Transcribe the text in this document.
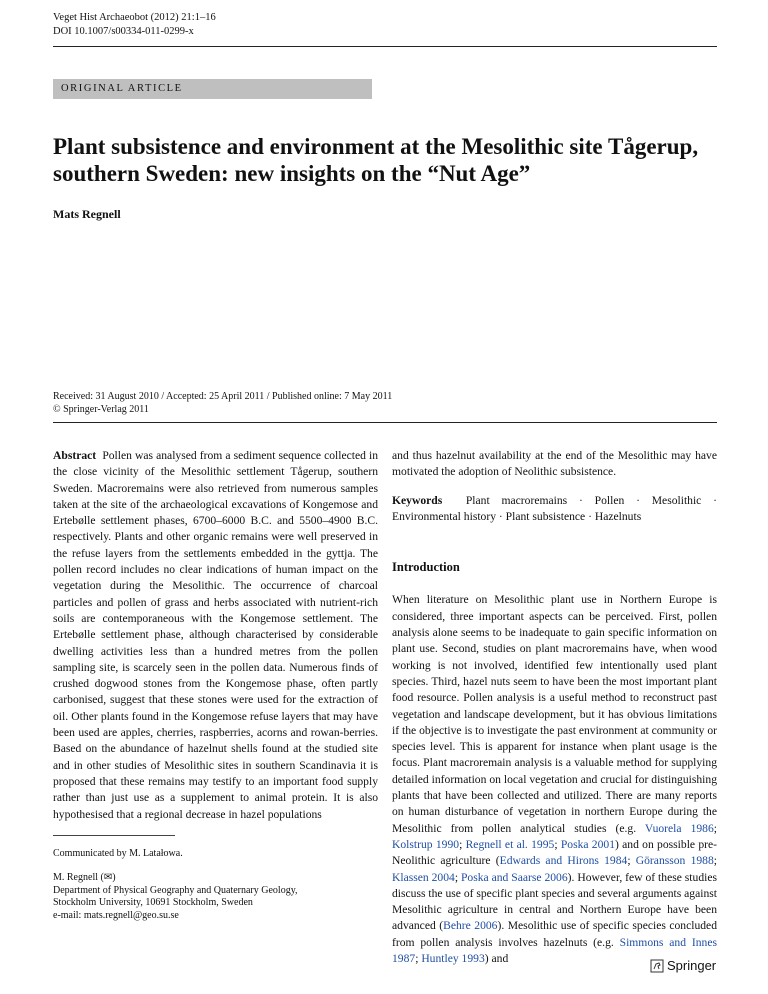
Veget Hist Archaeobot (2012) 21:1–16
DOI 10.1007/s00334-011-0299-x
ORIGINAL ARTICLE
Plant subsistence and environment at the Mesolithic site Tågerup,
southern Sweden: new insights on the “Nut Age”
Mats Regnell
Received: 31 August 2010 / Accepted: 25 April 2011 / Published online: 7 May 2011
© Springer-Verlag 2011

Abstract Pollen was analysed from a sediment sequence collected in the close vicinity of the Mesolithic settlement Tågerup, southern Sweden. Macroremains were also retrieved from numerous samples taken at the site of the archaeological excavations of Kongemose and Ertebølle settlement phases, 6700–6000 B.C. and 5500–4900 B.C. respectively. Plants and other organic remains were well preserved in the refuse layers from the settlements embedded in the gyttja. The pollen record includes no clear indications of human impact on the vegetation during the Mesolithic. The occurrence of charcoal particles and pollen of grass and herbs associated with nutrient-rich soils are contemporaneous with the Kongemose settlement. The Ertebølle settlement phase, although characterised by considerable dwelling activities less than a hundred metres from the pollen sampling site, is scarcely seen in the pollen data. Numerous finds of crushed dogwood stones from the Kongemose phase, often partly carbonised, suggest that these stones were used for the extraction of oil. Other plants found in the Kongemose refuse layers that may have been used are apples, cherries, raspberries, acorns and rowan-berries. Based on the abundance of hazelnut shells found at the studied site and in other studies of Mesolithic sites in southern Scandinavia it is proposed that these remains may testify to an important food supply rather than just use as a supplement to animal protein. It is also hypothesised that a regional decrease in hazel populations

Communicated by M. Latałowa.
M. Regnell (✉)
Department of Physical Geography and Quaternary Geology,
Stockholm University, 10691 Stockholm, Sweden
e-mail: mats.regnell@geo.su.se

and thus hazelnut availability at the end of the Mesolithic may have motivated the adoption of Neolithic subsistence.

Keywords Plant macroremains · Pollen · Mesolithic · Environmental history · Plant subsistence · Hazelnuts

Introduction

When literature on Mesolithic plant use in Northern Europe is considered, three important aspects can be perceived. First, pollen analysis alone seems to be inadequate to gain specific information on plant use. Second, studies on plant macroremains have, when wood working is not involved, identified few intentionally used plant species. Third, hazel nuts seem to have been the most important plant food resource. Pollen analysis is a useful method to reconstruct past vegetation and landscape development, but it has obvious limitations if the objective is to investigate the past environment at community or species level. This is apparent for instance when plant usage is the focus. Plant macroremain analysis is a valuable method for supplying detailed information on local vegetation and crucial for distinguishing plants that have been collected and utilized. There are many reports on human disturbance of vegetation in northern Europe during the Mesolithic from pollen analytical studies (e.g. Vuorela 1986; Kolstrup 1990; Regnell et al. 1995; Poska 2001) and on possible pre-Neolithic agriculture (Edwards and Hirons 1984; Göransson 1988; Klassen 2004; Poska and Saarse 2006). However, few of these studies discuss the use of specific plant species and several arguments against Mesolithic agriculture in central and Northern Europe have been advanced (Behre 2006). Mesolithic use of specific species concluded from pollen analysis involves hazelnuts (e.g. Simmons and Innes 1987; Huntley 1993) and	Springer
